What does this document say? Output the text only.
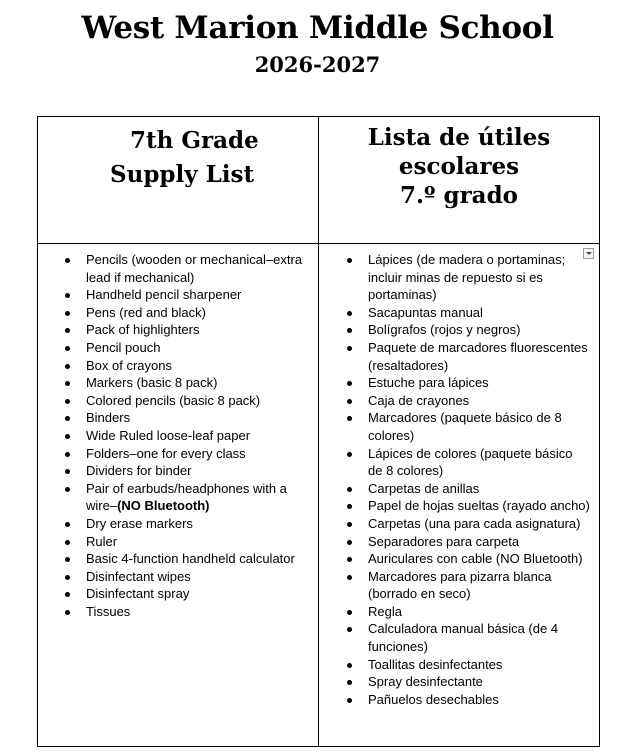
West Marion Middle School
2026-2027
7th Grade
Supply List
Lista de útiles
escolares
7.º grado
Pencils (wooden or mechanical–extra lead if mechanical)
Handheld pencil sharpener
Pens (red and black)
Pack of highlighters
Pencil pouch
Box of crayons
Markers (basic 8 pack)
Colored pencils (basic 8 pack)
Binders
Wide Ruled loose-leaf paper
Folders–one for every class
Dividers for binder
Pair of earbuds/headphones with a wire–(NO Bluetooth)
Dry erase markers
Ruler
Basic 4-function handheld calculator
Disinfectant wipes
Disinfectant spray
Tissues
Lápices (de madera o portaminas; incluir minas de repuesto si es portaminas)
Sacapuntas manual
Bolígrafos (rojos y negros)
Paquete de marcadores fluorescentes (resaltadores)
Estuche para lápices
Caja de crayones
Marcadores (paquete básico de 8 colores)
Lápices de colores (paquete básico de 8 colores)
Carpetas de anillas
Papel de hojas sueltas (rayado ancho)
Carpetas (una para cada asignatura)
Separadores para carpeta
Auriculares con cable (NO Bluetooth)
Marcadores para pizarra blanca (borrado en seco)
Regla
Calculadora manual básica (de 4 funciones)
Toallitas desinfectantes
Spray desinfectante
Pañuelos desechables
